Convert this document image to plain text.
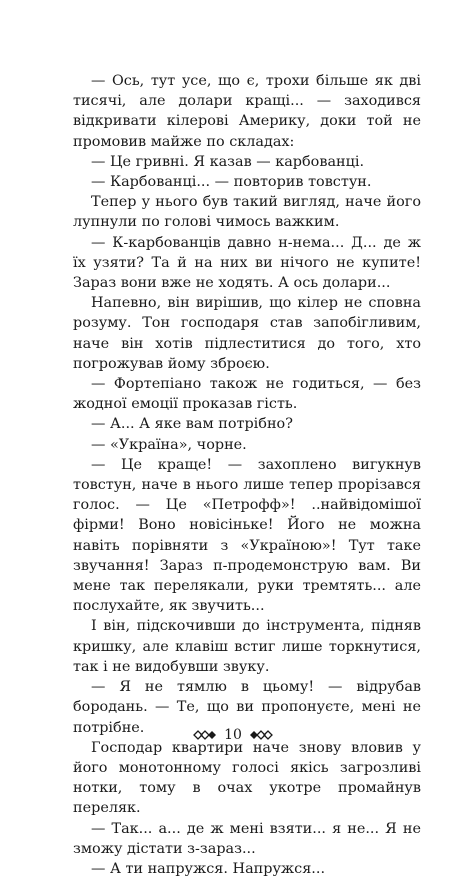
— Ось, тут усе, що є, трохи більше як дві тисячі, але долари кращі... — заходився відкривати кілерові Америку, доки той не промовив майже по складах:

— Це гривні. Я казав — карбованці.

— Карбованці... — повторив товстун.

Тепер у нього був такий вигляд, наче його лупнули по голові чимось важким.

— К-карбованців давно н-нема... Д... де ж їх узяти? Та й на них ви нічого не купите! Зараз вони вже не ходять. А ось долари...

Напевно, він вирішив, що кілер не сповна розуму. Тон господаря став запобігливим, наче він хотів підлеститися до того, хто погрожував йому зброєю.

— Фортепіано також не годиться, — без жодної емоції проказав гість.

— А... А яке вам потрібно?

— «Україна», чорне.

— Це краще! — захоплено вигукнув товстун, наче в нього лише тепер прорізався голос. — Це «Петрофф»! ..найвідомішої фірми! Воно новісіньке! Його не можна навіть порівняти з «Україною»! Тут таке звучання! Зараз п-продемонструю вам. Ви мене так перелякали, руки тремтять... але послухайте, як звучить...

І він, підскочивши до інструмента, підняв кришку, але клавіш встиг лише торкнутися, так і не видобувши звуку.

— Я не тямлю в цьому! — відрубав бородань. — Те, що ви пропонуєте, мені не потрібне.

Господар квартири наче знову вловив у його монотонному голосі якісь загрозливі нотки, тому в очах укотре промайнув переляк.

— Так... а... де ж мені взяти... я не... Я не зможу дістати з-зараз...

— А ти напружся. Напружся...

10
